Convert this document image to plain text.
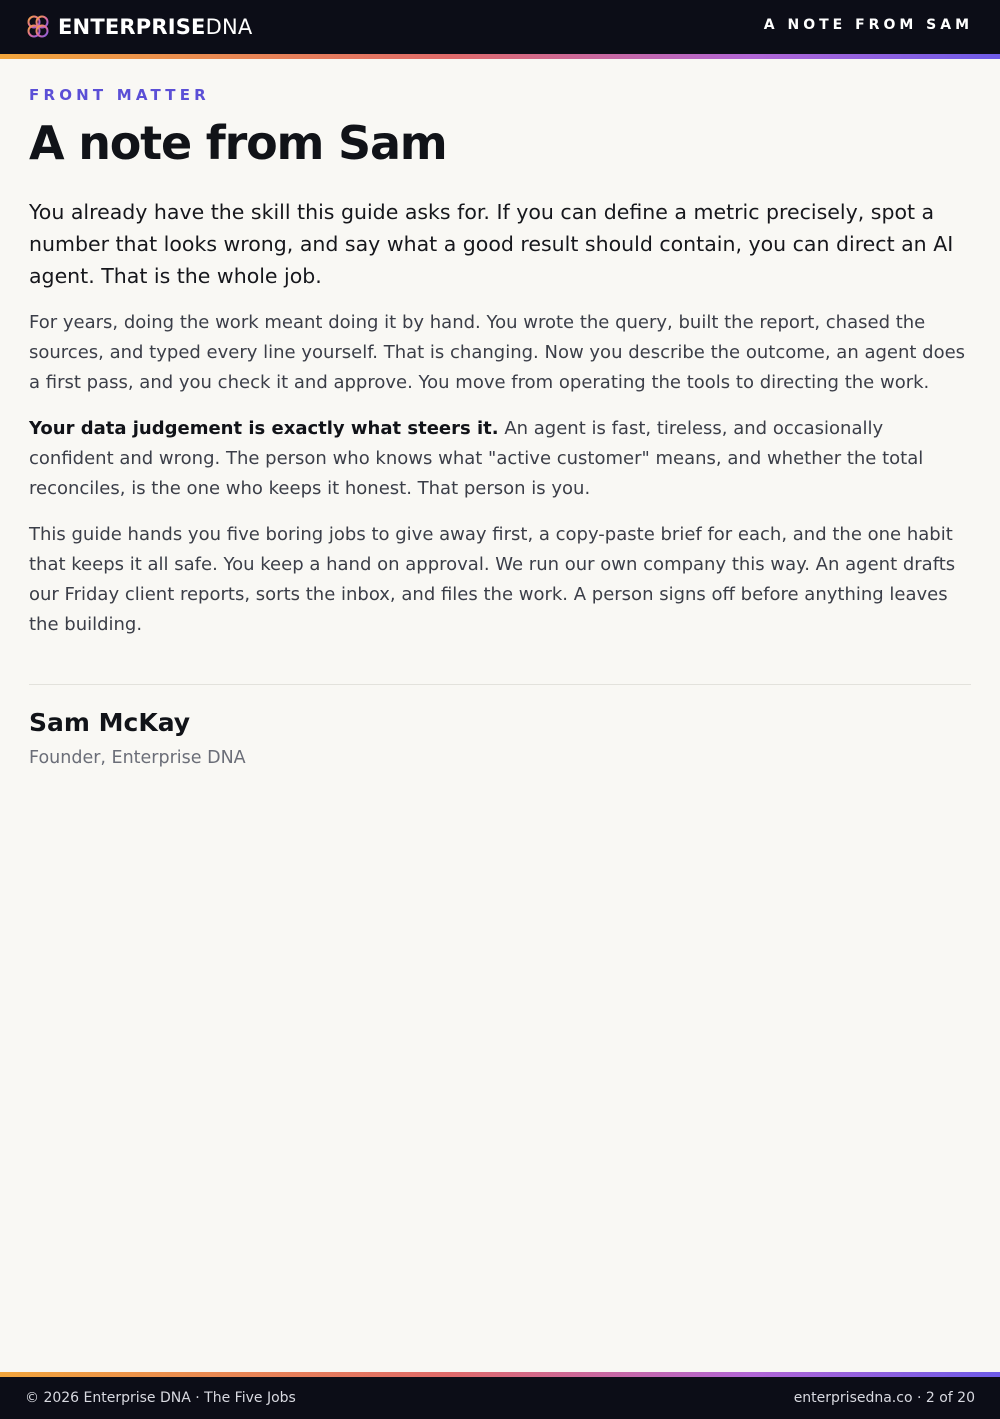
ENTERPRISEDNA	A NOTE FROM SAM

FRONT MATTER

A note from Sam

You already have the skill this guide asks for. If you can define a metric precisely, spot a number that looks wrong, and say what a good result should contain, you can direct an AI agent. That is the whole job.

For years, doing the work meant doing it by hand. You wrote the query, built the report, chased the sources, and typed every line yourself. That is changing. Now you describe the outcome, an agent does a first pass, and you check it and approve. You move from operating the tools to directing the work.

Your data judgement is exactly what steers it. An agent is fast, tireless, and occasionally confident and wrong. The person who knows what "active customer" means, and whether the total reconciles, is the one who keeps it honest. That person is you.

This guide hands you five boring jobs to give away first, a copy-paste brief for each, and the one habit that keeps it all safe. You keep a hand on approval. We run our own company this way. An agent drafts our Friday client reports, sorts the inbox, and files the work. A person signs off before anything leaves the building.

Sam McKay
Founder, Enterprise DNA
© 2026 Enterprise DNA · The Five Jobs	enterprisedna.co · 2 of 20
